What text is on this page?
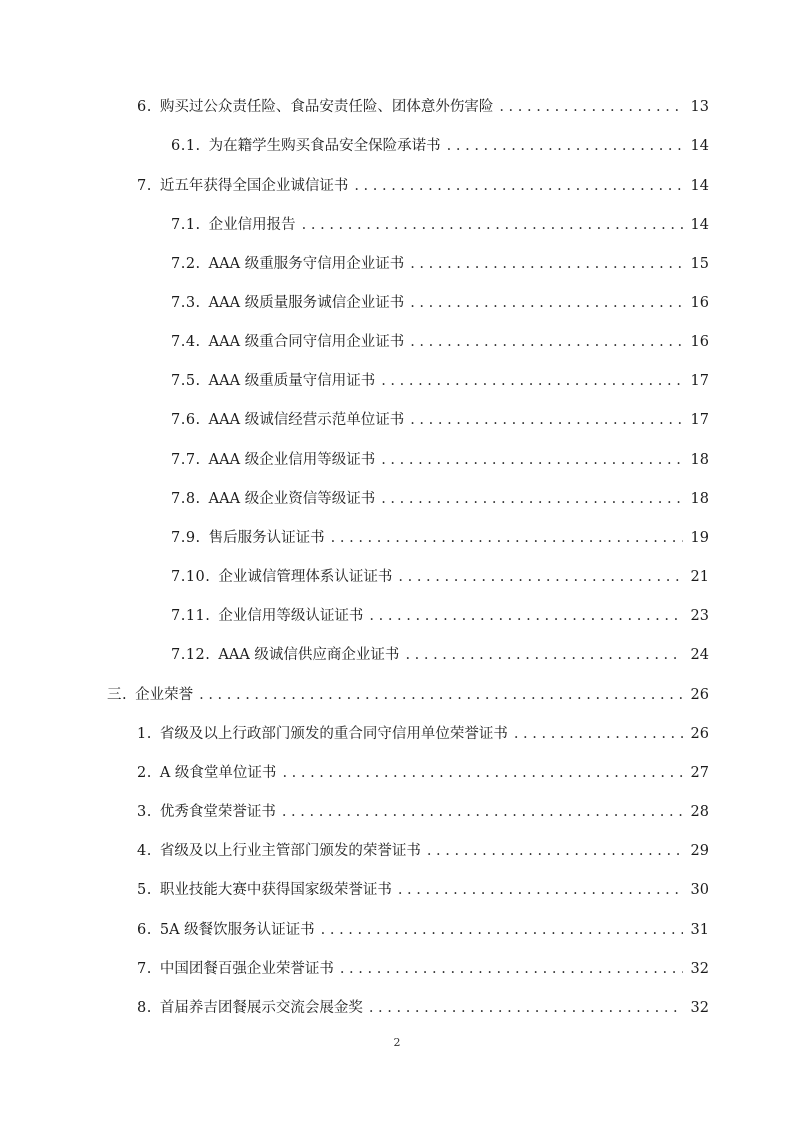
6. 购买过公众责任险、食品安责任险、团体意外伤害险 . . .	13
6.1. 为在籍学生购买食品安全保险承诺书 . . .	14
7. 近五年获得全国企业诚信证书 . . .	14
7.1. 企业信用报告 . . .	14
7.2. AAA 级重服务守信用企业证书 . . .	15
7.3. AAA 级质量服务诚信企业证书 . . .	16
7.4. AAA 级重合同守信用企业证书 . . .	16
7.5. AAA 级重质量守信用证书 . . .	17
7.6. AAA 级诚信经营示范单位证书 . . .	17
7.7. AAA 级企业信用等级证书 . . .	18
7.8. AAA 级企业资信等级证书 . . .	18
7.9. 售后服务认证证书 . . .	19
7.10. 企业诚信管理体系认证证书 . . .	21
7.11. 企业信用等级认证证书 . . .	23
7.12. AAA 级诚信供应商企业证书 . . .	24
三. 企业荣誉 . . .	26
1. 省级及以上行政部门颁发的重合同守信用单位荣誉证书 . . .	26
2. A 级食堂单位证书 . . .	27
3. 优秀食堂荣誉证书 . . .	28
4. 省级及以上行业主管部门颁发的荣誉证书 . . .	29
5. 职业技能大赛中获得国家级荣誉证书 . . .	30
6. 5A 级餐饮服务认证证书 . . .	31
7. 中国团餐百强企业荣誉证书 . . .	32
8. 首届养吉团餐展示交流会展金奖 . . .	32
2
